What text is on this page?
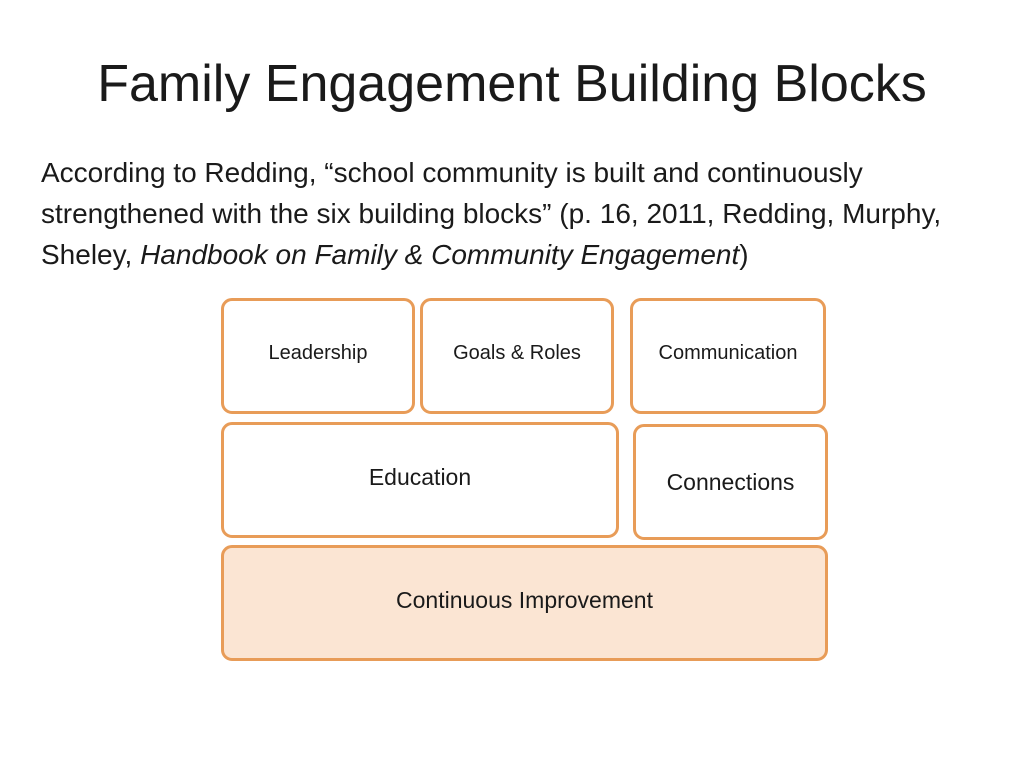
Family Engagement Building Blocks
According to Redding, “school community is built and continuously strengthened with the six building blocks” (p. 16, 2011, Redding, Murphy, Sheley, Handbook on Family & Community Engagement)
Leadership	Goals & Roles	Communication
Education	Connections
Continuous Improvement
